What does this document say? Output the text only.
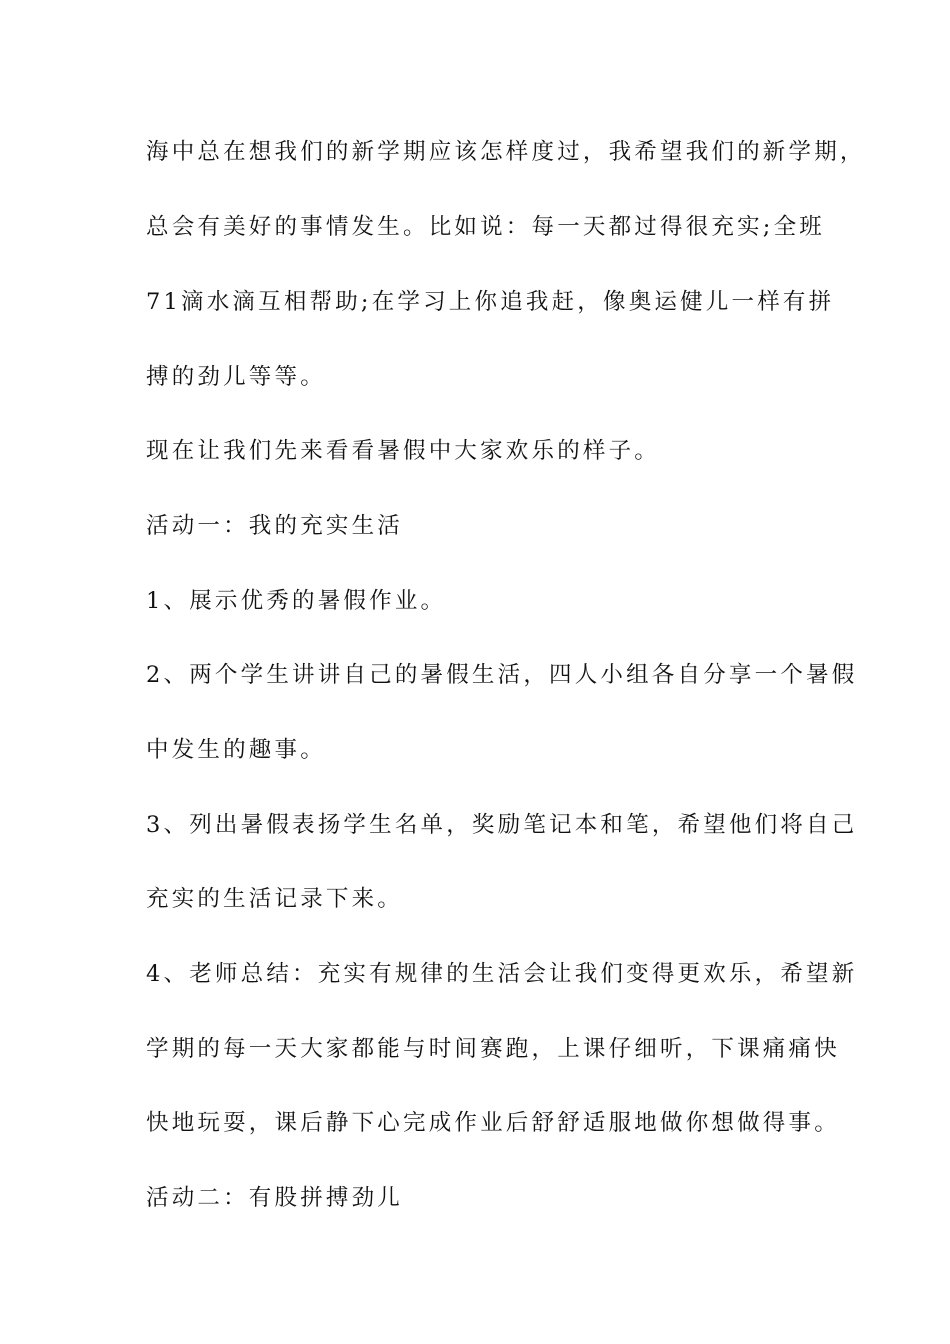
海中总在想我们的新学期应该怎样度过，我希望我们的新学期，

总会有美好的事情发生。比如说：每一天都过得很充实;全班

71滴水滴互相帮助;在学习上你追我赶，像奥运健儿一样有拼

搏的劲儿等等。

现在让我们先来看看暑假中大家欢乐的样子。

活动一：我的充实生活

1、展示优秀的暑假作业。

2、两个学生讲讲自己的暑假生活，四人小组各自分享一个暑假

中发生的趣事。

3、列出暑假表扬学生名单，奖励笔记本和笔，希望他们将自己

充实的生活记录下来。

4、老师总结：充实有规律的生活会让我们变得更欢乐，希望新

学期的每一天大家都能与时间赛跑，上课仔细听，下课痛痛快

快地玩耍，课后静下心完成作业后舒舒适服地做你想做得事。

活动二：有股拼搏劲儿
